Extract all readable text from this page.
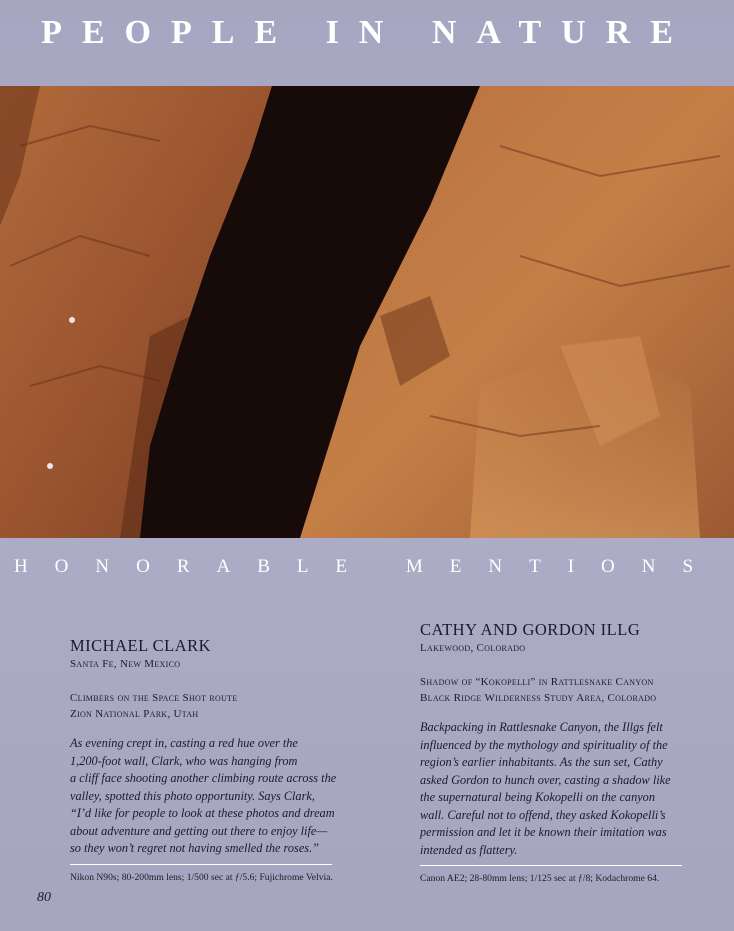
PEOPLE IN NATURE
HONORABLE MENTIONS
MICHAEL CLARK
Santa Fe, New Mexico
Climbers on the Space Shot route
Zion National Park, Utah
As evening crept in, casting a red hue over the
1,200-foot wall, Clark, who was hanging from
a cliff face shooting another climbing route across the
valley, spotted this photo opportunity. Says Clark,
“I’d like for people to look at these photos and dream
about adventure and getting out there to enjoy life—
so they won’t regret not having smelled the roses.”
Nikon N90s; 80-200mm lens; 1/500 sec at ƒ/5.6; Fujichrome Velvia.
CATHY AND GORDON ILLG
Lakewood, Colorado
Shadow of “Kokopelli” in Rattlesnake Canyon
Black Ridge Wilderness Study Area, Colorado
Backpacking in Rattlesnake Canyon, the Illgs felt
influenced by the mythology and spirituality of the
region’s earlier inhabitants. As the sun set, Cathy
asked Gordon to hunch over, casting a shadow like
the supernatural being Kokopelli on the canyon
wall. Careful not to offend, they asked Kokopelli’s
permission and let it be known their imitation was
intended as flattery.
Canon AE2; 28-80mm lens; 1/125 sec at ƒ/8; Kodachrome 64.
80
